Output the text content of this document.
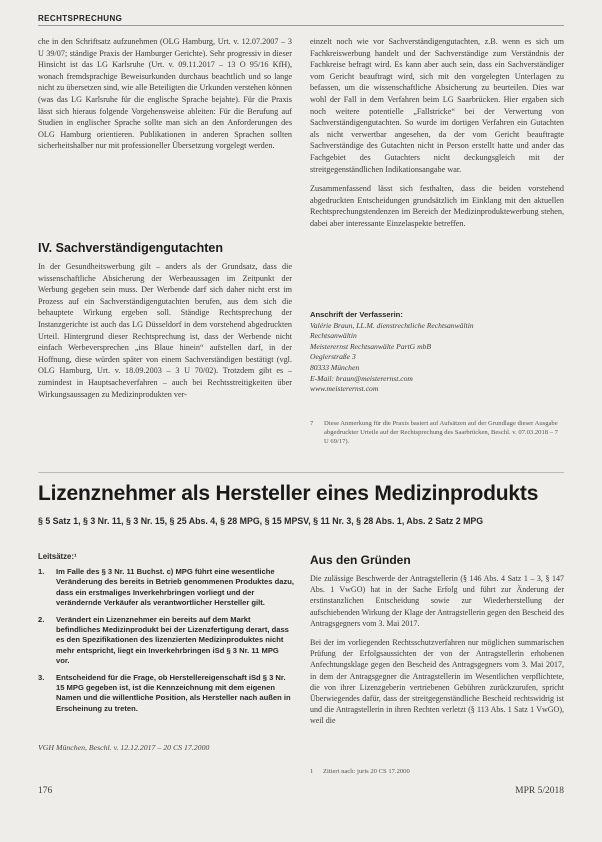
RECHTSPRECHUNG

che in den Schriftsatz aufzunehmen (OLG Hamburg, Urt. v. 12.07.2007 – 3 U 39/07; ständige Praxis der Hamburger Gerichte). Sehr progressiv in dieser Hinsicht ist das LG Karlsruhe (Urt. v. 09.11.2017 – 13 O 95/16 KfH), wonach fremdsprachige Beweisurkunden durchaus beachtlich und so lange nicht zu übersetzen sind, wie alle Beteiligten die Urkunden verstehen können (was das LG Karlsruhe für die englische Sprache bejahte). Für die Praxis lässt sich hieraus folgende Vorgehensweise ableiten: Für die Berufung auf Studien in englischer Sprache sollte man sich an den Anforderungen des OLG Hamburg orientieren. Publikationen in anderen Sprachen sollten sicherheitshalber nur mit professioneller Übersetzung vorgelegt werden.

IV. Sachverständigengutachten

In der Gesundheitswerbung gilt – anders als der Grundsatz, dass die wissenschaftliche Absicherung der Werbeaussagen im Zeitpunkt der Werbung gegeben sein muss. Der Werbende darf sich daher nicht erst im Prozess auf ein Sachverständigengutachten berufen, aus dem sich die behauptete Wirkung ergeben soll. Ständige Rechtsprechung der Instanzgerichte ist auch das LG Düsseldorf in dem vorstehend abgedruckten Urteil. Hintergrund dieser Rechtsprechung ist, dass der Werbende nicht einfach Werbeversprechen „ins Blaue hinein“ aufstellen darf, in der Hoffnung, diese würden später von einem Sachverständigen bestätigt (vgl. OLG Hamburg, Urt. v. 18.09.2003 – 3 U 70/02). Trotzdem gibt es – zumindest in Hauptsacheverfahren – auch bei Rechtsstreitigkeiten über Wirkungsaussagen zu Medizinprodukten ver-

einzelt noch wie vor Sachverständigengutachten, z.B. wenn es sich um Fachkreiswerbung handelt und der Sachverständige zum Verständnis der Fachkreise befragt wird. Es kann aber auch sein, dass ein Sachverständiger vom Gericht beauftragt wird, sich mit den vorgelegten Unterlagen zu befassen, um die wissenschaftliche Absicherung zu beurteilen. Dies war wohl der Fall in dem Verfahren beim LG Saarbrücken. Hier ergaben sich noch weitere potentielle „Fallstricke“ bei der Verwertung von Sachverständigengutachten. So wurde im dortigen Verfahren ein Gutachten als nicht verwertbar angesehen, da der vom Gericht beauftragte Sachverständige des Gutachten nicht in Person erstellt hatte und ander das Fachgebiet des Gutachters nicht deckungsgleich mit der streitgegenständlichen Indikationsangabe war.

Zusammenfassend lässt sich festhalten, dass die beiden vorstehend abgedruckten Entscheidungen grundsätzlich im Einklang mit den aktuellen Rechtsprechungstendenzen im Bereich der Medizinproduktewerbung stehen, dabei aber interessante Einzelaspekte betreffen.

Anschrift der Verfasserin:
Valérie Braun, LL.M. dienstrechtliche Rechtsanwältin
Rechtsanwältin
Meisterernst Rechtsanwälte PartG mbB
Oeglerstraße 3
80333 München
E-Mail: braun@meisterernst.com
www.meisterernst.com
7 Diese Anmerkung für die Praxis basiert auf Aufsätzen auf der Grundlage dieser Ausgabe abgedruckter Urteile auf der Rechtsprechung des Saarbrücken, Beschl. v. 07.03.2018 – 7 U 69/17).
Lizenznehmer als Hersteller eines Medizinprodukts
§ 5 Satz 1, § 3 Nr. 11, § 3 Nr. 15, § 25 Abs. 4, § 28 MPG, § 15 MPSV, § 11 Nr. 3, § 28 Abs. 1, Abs. 2 Satz 2 MPG
Leitsätze:¹
1. Im Falle des § 3 Nr. 11 Buchst. c) MPG führt eine wesentliche Veränderung des bereits in Betrieb genommenen Produktes dazu, dass ein erstmaliges Inverkehrbringen vorliegt und der verändernde Verkäufer als verantwortlicher Hersteller gilt.
2. Verändert ein Lizenznehmer ein bereits auf dem Markt befindliches Medizinprodukt bei der Lizenzfertigung derart, dass es den Spezifikationen des lizenzierten Medizinproduktes nicht mehr entspricht, liegt ein Inverkehrbringen iSd § 3 Nr. 11 MPG vor.
3. Entscheidend für die Frage, ob Herstellereigenschaft iSd § 3 Nr. 15 MPG gegeben ist, ist die Kennzeichnung mit dem eigenen Namen und die willentliche Position, als Hersteller nach außen in Erscheinung zu treten.
VGH München, Beschl. v. 12.12.2017 – 20 CS 17.2000
Aus den Gründen

Die zulässige Beschwerde der Antragstellerin (§ 146 Abs. 4 Satz 1 – 3, § 147 Abs. 1 VwGO) hat in der Sache Erfolg und führt zur Änderung der erstinstanzlichen Entscheidung sowie zur Wiederherstellung der aufschiebenden Wirkung der Klage der Antragstellerin gegen den Bescheid des Antragsgegners vom 3. Mai 2017.

Bei der im vorliegenden Rechtsschutzverfahren nur möglichen summarischen Prüfung der Erfolgsaussichten der von der Antragstellerin erhobenen Anfechtungsklage gegen den Bescheid des Antragsgegners vom 3. Mai 2017, in dem der Antragsgegner die Antragstellerin im Wesentlichen verpflichtete, die von ihrer Lizenzgeberin vertriebenen Gebühren zurückzurufen, spricht Überwiegendes dafür, dass der streitgegenständliche Bescheid rechtswidrig ist und die Antragstellerin in ihren Rechten verletzt (§ 113 Abs. 1 Satz 1 VwGO), weil die

1 Zitiert nach: juris 20 CS 17.2000
176	MPR 5/2018
